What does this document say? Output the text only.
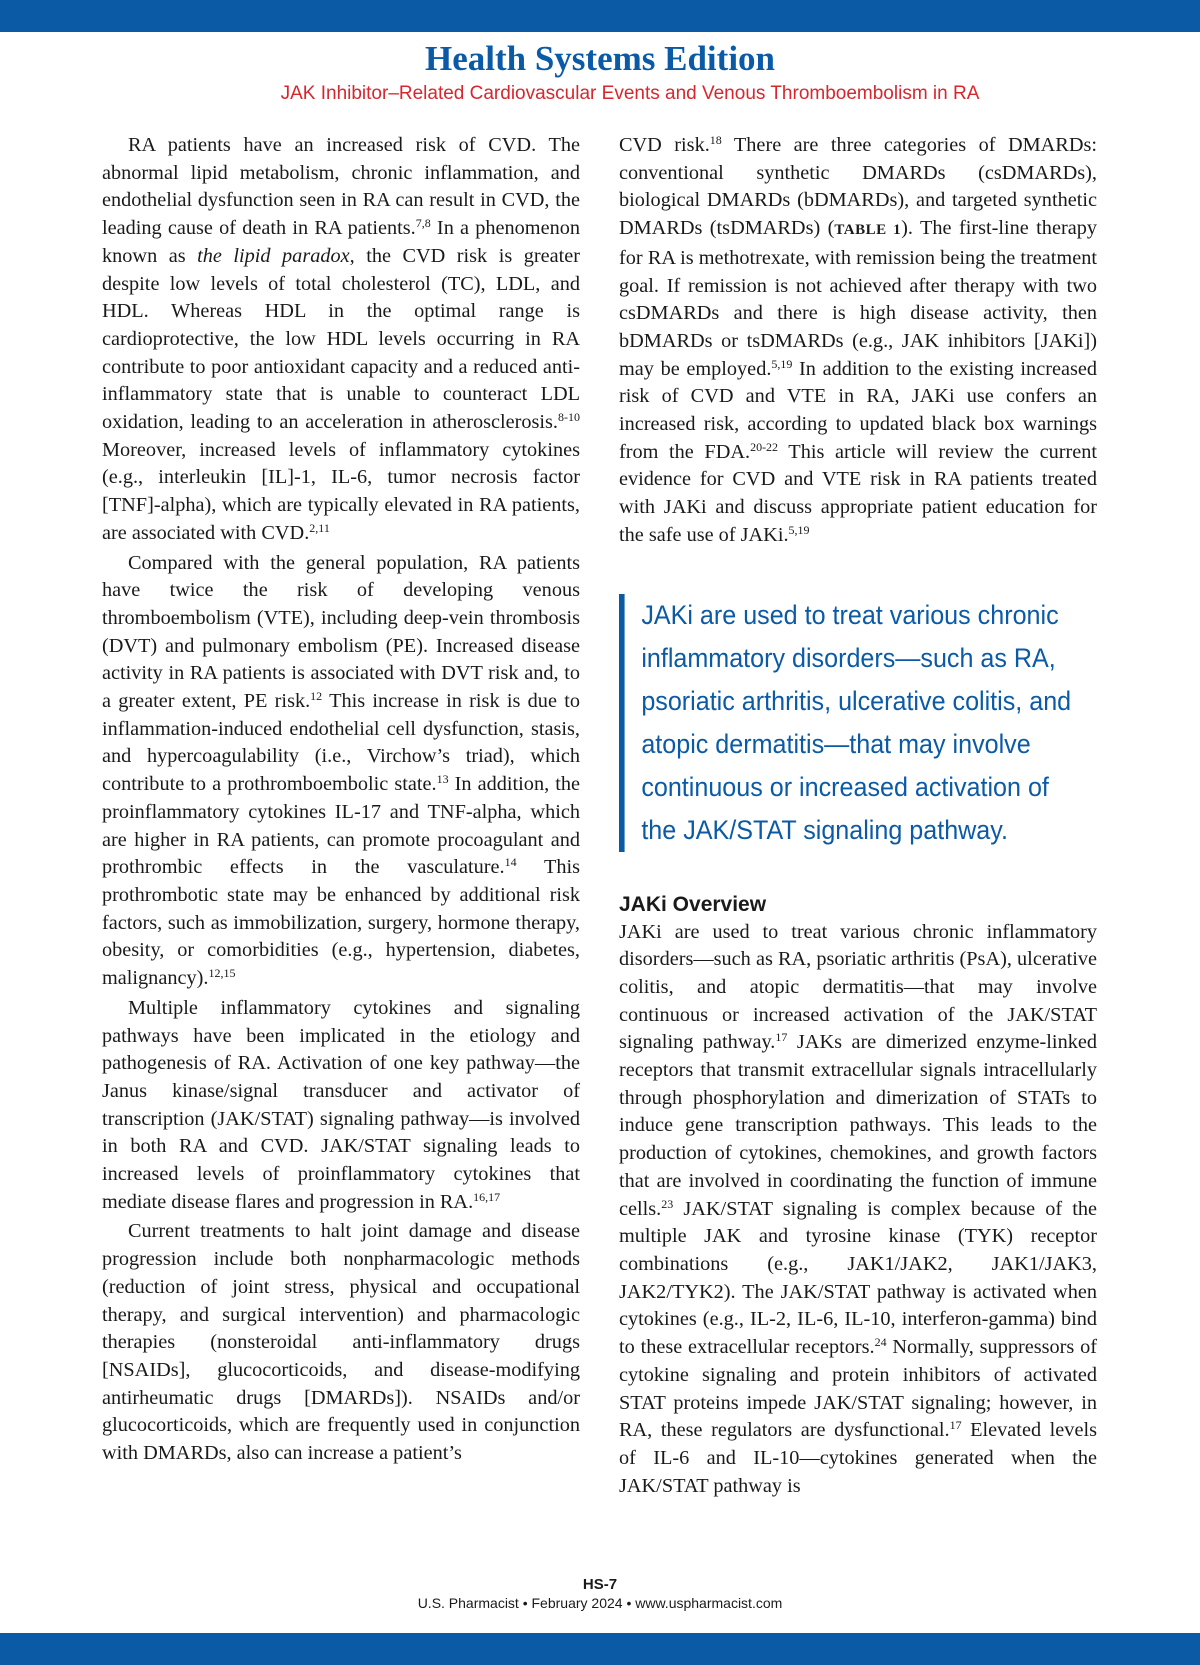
Health Systems Edition
JAK Inhibitor–Related Cardiovascular Events and Venous Thromboembolism in RA

RA patients have an increased risk of CVD. The abnormal lipid metabolism, chronic inflammation, and endothelial dysfunction seen in RA can result in CVD, the leading cause of death in RA patients.$^{7,8}$ In a phenomenon known as the lipid paradox, the CVD risk is greater despite low levels of total cholesterol (TC), LDL, and HDL. Whereas HDL in the optimal range is cardioprotective, the low HDL levels occurring in RA contribute to poor antioxidant capacity and a reduced anti-inflammatory state that is unable to counteract LDL oxidation, leading to an acceleration in atherosclerosis.$^{8-10}$ Moreover, increased levels of inflammatory cytokines (e.g., interleukin [IL]-1, IL-6, tumor necrosis factor [TNF]-alpha), which are typically elevated in RA patients, are associated with CVD.$^{2,11}$

Compared with the general population, RA patients have twice the risk of developing venous thromboembolism (VTE), including deep-vein thrombosis (DVT) and pulmonary embolism (PE). Increased disease activity in RA patients is associated with DVT risk and, to a greater extent, PE risk.$^{12}$ This increase in risk is due to inflammation-induced endothelial cell dysfunction, stasis, and hypercoagulability (i.e., Virchow’s triad), which contribute to a prothromboembolic state.$^{13}$ In addition, the proinflammatory cytokines IL-17 and TNF-alpha, which are higher in RA patients, can promote procoagulant and prothrombic effects in the vasculature.$^{14}$ This prothrombotic state may be enhanced by additional risk factors, such as immobilization, surgery, hormone therapy, obesity, or comorbidities (e.g., hypertension, diabetes, malignancy).$^{12,15}$

Multiple inflammatory cytokines and signaling pathways have been implicated in the etiology and pathogenesis of RA. Activation of one key pathway—the Janus kinase/signal transducer and activator of transcription (JAK/STAT) signaling pathway—is involved in both RA and CVD. JAK/STAT signaling leads to increased levels of proinflammatory cytokines that mediate disease flares and progression in RA.$^{16,17}$

Current treatments to halt joint damage and disease progression include both nonpharmacologic methods (reduction of joint stress, physical and occupational therapy, and surgical intervention) and pharmacologic therapies (nonsteroidal anti-inflammatory drugs [NSAIDs], glucocorticoids, and disease-modifying antirheumatic drugs [DMARDs]). NSAIDs and/or glucocorticoids, which are frequently used in conjunction with DMARDs, also can increase a patient’s

CVD risk.$^{18}$ There are three categories of DMARDs: conventional synthetic DMARDs (csDMARDs), biological DMARDs (bDMARDs), and targeted synthetic DMARDs (tsDMARDs) (TABLE 1). The first-line therapy for RA is methotrexate, with remission being the treatment goal. If remission is not achieved after therapy with two csDMARDs and there is high disease activity, then bDMARDs or tsDMARDs (e.g., JAK inhibitors [JAKi]) may be employed.$^{5,19}$ In addition to the existing increased risk of CVD and VTE in RA, JAKi use confers an increased risk, according to updated black box warnings from the FDA.$^{20-22}$ This article will review the current evidence for CVD and VTE risk in RA patients treated with JAKi and discuss appropriate patient education for the safe use of JAKi.$^{5,19}$

JAKi are used to treat various chronic inflammatory disorders—such as RA, psoriatic arthritis, ulcerative colitis, and atopic dermatitis—that may involve continuous or increased activation of the JAK/STAT signaling pathway.
JAKi Overview

JAKi are used to treat various chronic inflammatory disorders—such as RA, psoriatic arthritis (PsA), ulcerative colitis, and atopic dermatitis—that may involve continuous or increased activation of the JAK/STAT signaling pathway.$^{17}$ JAKs are dimerized enzyme-linked receptors that transmit extracellular signals intracellularly through phosphorylation and dimerization of STATs to induce gene transcription pathways. This leads to the production of cytokines, chemokines, and growth factors that are involved in coordinating the function of immune cells.$^{23}$ JAK/STAT signaling is complex because of the multiple JAK and tyrosine kinase (TYK) receptor combinations (e.g., JAK1/JAK2, JAK1/JAK3, JAK2/TYK2). The JAK/STAT pathway is activated when cytokines (e.g., IL-2, IL-6, IL-10, interferon-gamma) bind to these extracellular receptors.$^{24}$ Normally, suppressors of cytokine signaling and protein inhibitors of activated STAT proteins impede JAK/STAT signaling; however, in RA, these regulators are dysfunctional.$^{17}$ Elevated levels of IL-6 and IL-10—cytokines generated when the JAK/STAT pathway is

HS-7
U.S. Pharmacist • February 2024 • www.uspharmacist.com
